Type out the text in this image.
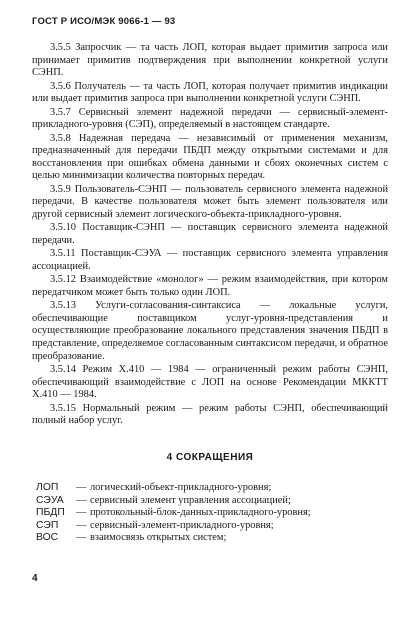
ГОСТ Р ИСО/МЭК 9066-1 — 93

3.5.5 Запросчик — та часть ЛОП, которая выдает примитив запроса или принимает примитив подтверждения при выполнении конкретной услуги СЭНП.

3.5.6 Получатель — та часть ЛОП, которая получает примитив индикации или выдает примитив запроса при выполнении конкретной услуги СЭНП.

3.5.7 Сервисный элемент надежной передачи — сервисный-элемент-прикладного-уровня (СЭП), определяемый в настоящем стандарте.

3.5.8 Надежная передача — независимый от применения механизм, предназначенный для передачи ПБДП между открытыми системами и для восстановления при ошибках обмена данными и сбоях оконечных систем с целью минимизации количества повторных передач.

3.5.9 Пользователь-СЭНП — пользователь сервисного элемента надежной передачи. В качестве пользователя может быть элемент пользователя или другой сервисный элемент логического-объекта-прикладного-уровня.

3.5.10 Поставщик-СЭНП — поставщик сервисного элемента надежной передачи.

3.5.11 Поставщик-СЭУА — поставщик сервисного элемента управления ассоциацией.

3.5.12 Взаимодействие «монолог» — режим взаимодействия, при котором передатчиком может быть только один ЛОП.

3.5.13 Услуги-согласования-синтаксиса — локальные услуги, обеспечивающие поставщиком услуг-уровня-представления и осуществляющие преобразование локального представления значения ПБДП в представление, определяемое согласованным синтаксисом передачи, и обратное преобразование.

3.5.14 Режим Х.410 — 1984 — ограниченный режим работы СЭНП, обеспечивающий взаимодействие с ЛОП на основе Рекомендации МККТТ Х.410 — 1984.

3.5.15 Нормальный режим — режим работы СЭНП, обеспечивающий полный набор услуг.

4 СОКРАЩЕНИЯ
ЛОП	— логический-объект-прикладного-уровня;
СЭУА	— сервисный элемент управления ассоциацией;
ПБДП	— протокольный-блок-данных-прикладного-уровня;
СЭП	— сервисный-элемент-прикладного-уровня;
ВОС	— взаимосвязь открытых систем;
4
